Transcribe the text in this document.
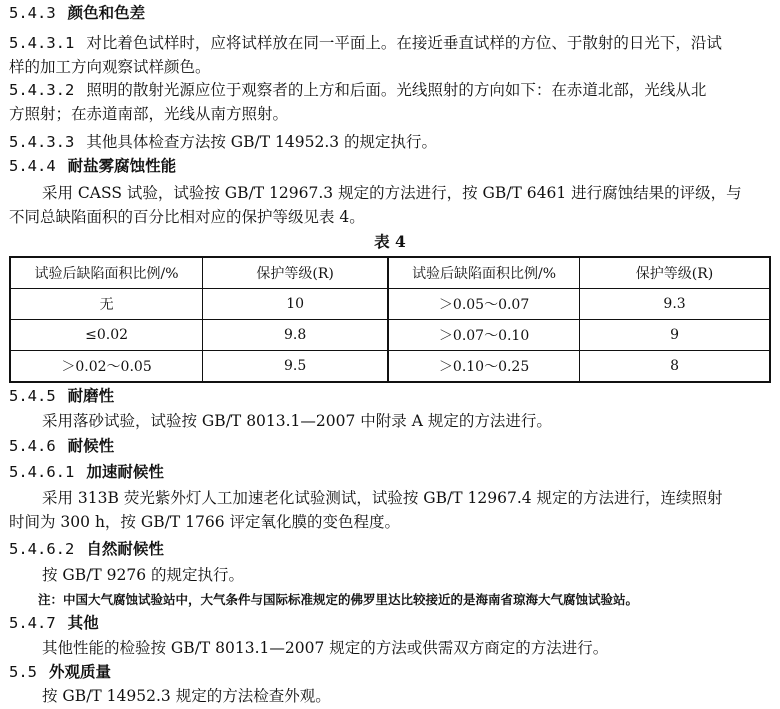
5.4.3 颜色和色差
5.4.3.1 对比着色试样时，应将试样放在同一平面上。在接近垂直试样的方位、于散射的日光下，沿试
样的加工方向观察试样颜色。
5.4.3.2 照明的散射光源应位于观察者的上方和后面。光线照射的方向如下：在赤道北部，光线从北
方照射；在赤道南部，光线从南方照射。
5.4.3.3 其他具体检查方法按 GB/T 14952.3 的规定执行。
5.4.4 耐盐雾腐蚀性能
采用 CASS 试验，试验按 GB/T 12967.3 规定的方法进行，按 GB/T 6461 进行腐蚀结果的评级，与
不同总缺陷面积的百分比相对应的保护等级见表 4。
表 4
试验后缺陷面积比例/%	保护等级(R)	试验后缺陷面积比例/%	保护等级(R)
无	10	＞0.05～0.07	9.3
≤0.02	9.8	＞0.07～0.10	9
＞0.02～0.05	9.5	＞0.10～0.25	8
5.4.5 耐磨性
采用落砂试验，试验按 GB/T 8013.1—2007 中附录 A 规定的方法进行。
5.4.6 耐候性
5.4.6.1 加速耐候性
采用 313B 荧光紫外灯人工加速老化试验测试，试验按 GB/T 12967.4 规定的方法进行，连续照射
时间为 300 h，按 GB/T 1766 评定氧化膜的变色程度。
5.4.6.2 自然耐候性
按 GB/T 9276 的规定执行。
注：中国大气腐蚀试验站中，大气条件与国际标准规定的佛罗里达比较接近的是海南省琼海大气腐蚀试验站。
5.4.7 其他
其他性能的检验按 GB/T 8013.1—2007 规定的方法或供需双方商定的方法进行。
5.5 外观质量
按 GB/T 14952.3 规定的方法检查外观。
